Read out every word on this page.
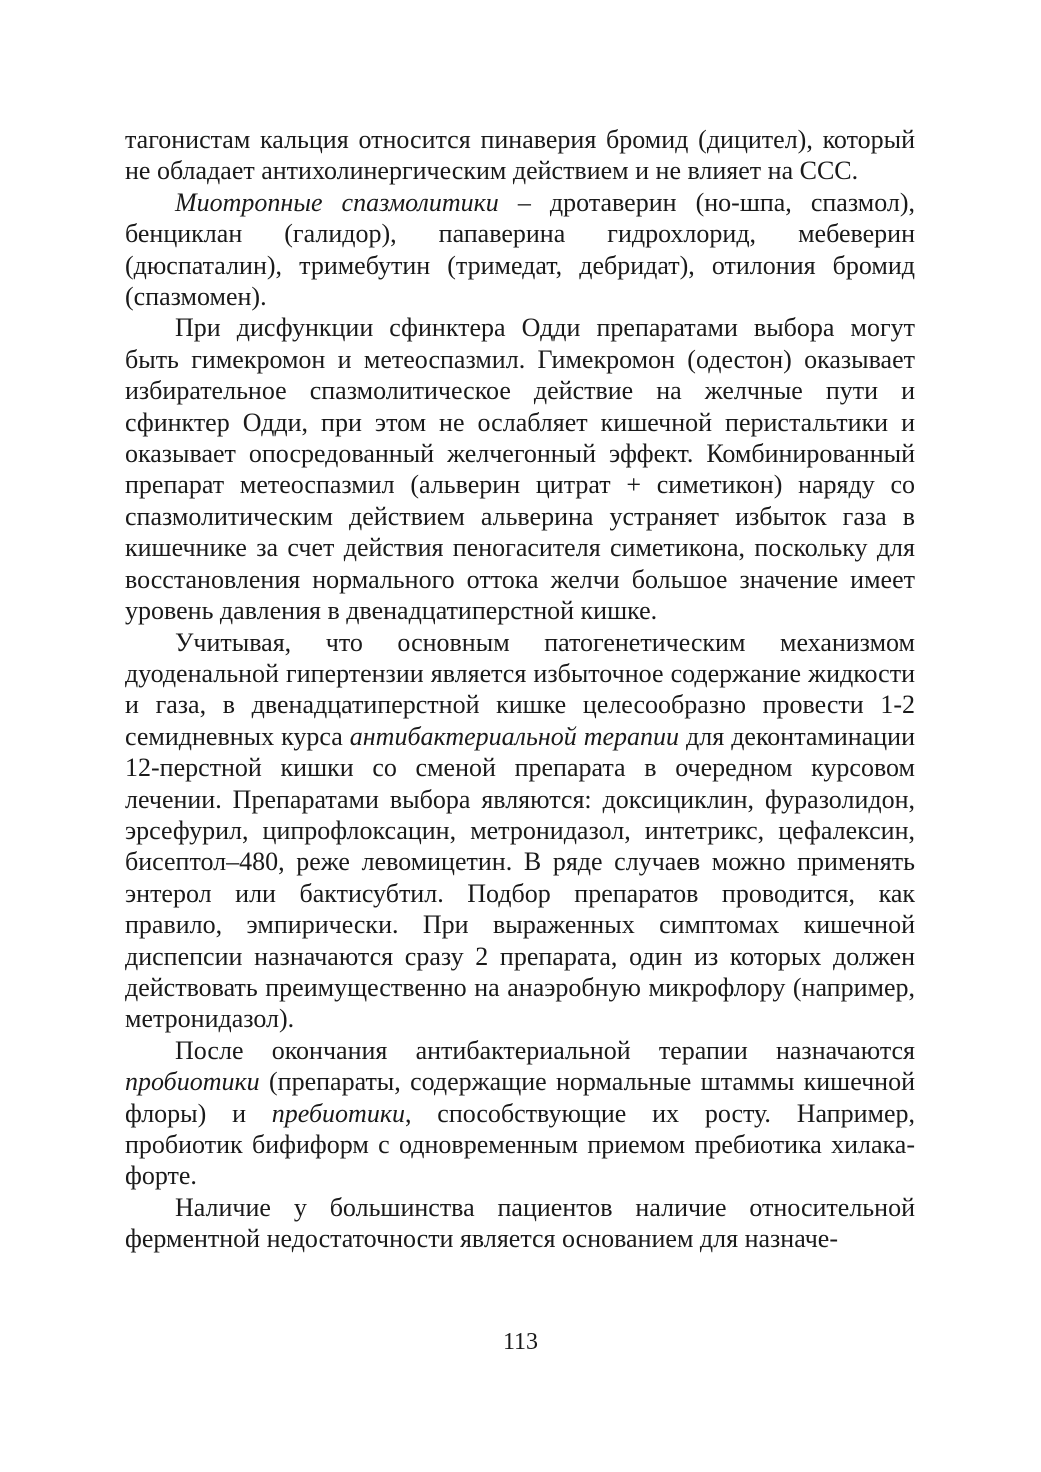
тагонистам кальция относится пинаверия бромид (дицител), который не обладает антихолинергическим действием и не влияет на ССС.

Миотропные спазмолитики – дротаверин (но-шпа, спазмол), бенциклан (галидор), папаверина гидрохлорид, мебеверин (дюспаталин), тримебутин (тримедат, дебридат), отилония бромид (спазмомен).

При дисфункции сфинктера Одди препаратами выбора могут быть гимекромон и метеоспазмил. Гимекромон (одестон) оказывает избирательное спазмолитическое действие на желчные пути и сфинктер Одди, при этом не ослабляет кишечной перистальтики и оказывает опосредованный желчегонный эффект. Комбинированный препарат метеоспазмил (альверин цитрат + симетикон) наряду со спазмолитическим действием альверина устраняет избыток газа в кишечнике за счет действия пеногасителя симетикона, поскольку для восстановления нормального оттока желчи большое значение имеет уровень давления в двенадцатиперстной кишке.

Учитывая, что основным патогенетическим механизмом дуоденальной гипертензии является избыточное содержание жидкости и газа, в двенадцатиперстной кишке целесообразно провести 1-2 семидневных курса антибактериальной терапии для деконтаминации 12-перстной кишки со сменой препарата в очередном курсовом лечении. Препаратами выбора являются: доксициклин, фуразолидон, эрсефурил, ципрофлоксацин, метронидазол, интетрикс, цефалексин, бисептол–480, реже левомицетин. В ряде случаев можно применять энтерол или бактисубтил. Подбор препаратов проводится, как правило, эмпирически. При выраженных симптомах кишечной диспепсии назначаются сразу 2 препарата, один из которых должен действовать преимущественно на анаэробную микрофлору (например, метронидазол).

После окончания антибактериальной терапии назначаются пробиотики (препараты, содержащие нормальные штаммы кишечной флоры) и пребиотики, способствующие их росту. Например, пробиотик бифиформ с одновременным приемом пребиотика хилака-форте.

Наличие у большинства пациентов наличие относительной ферментной недостаточности является основанием для назначе-

113
